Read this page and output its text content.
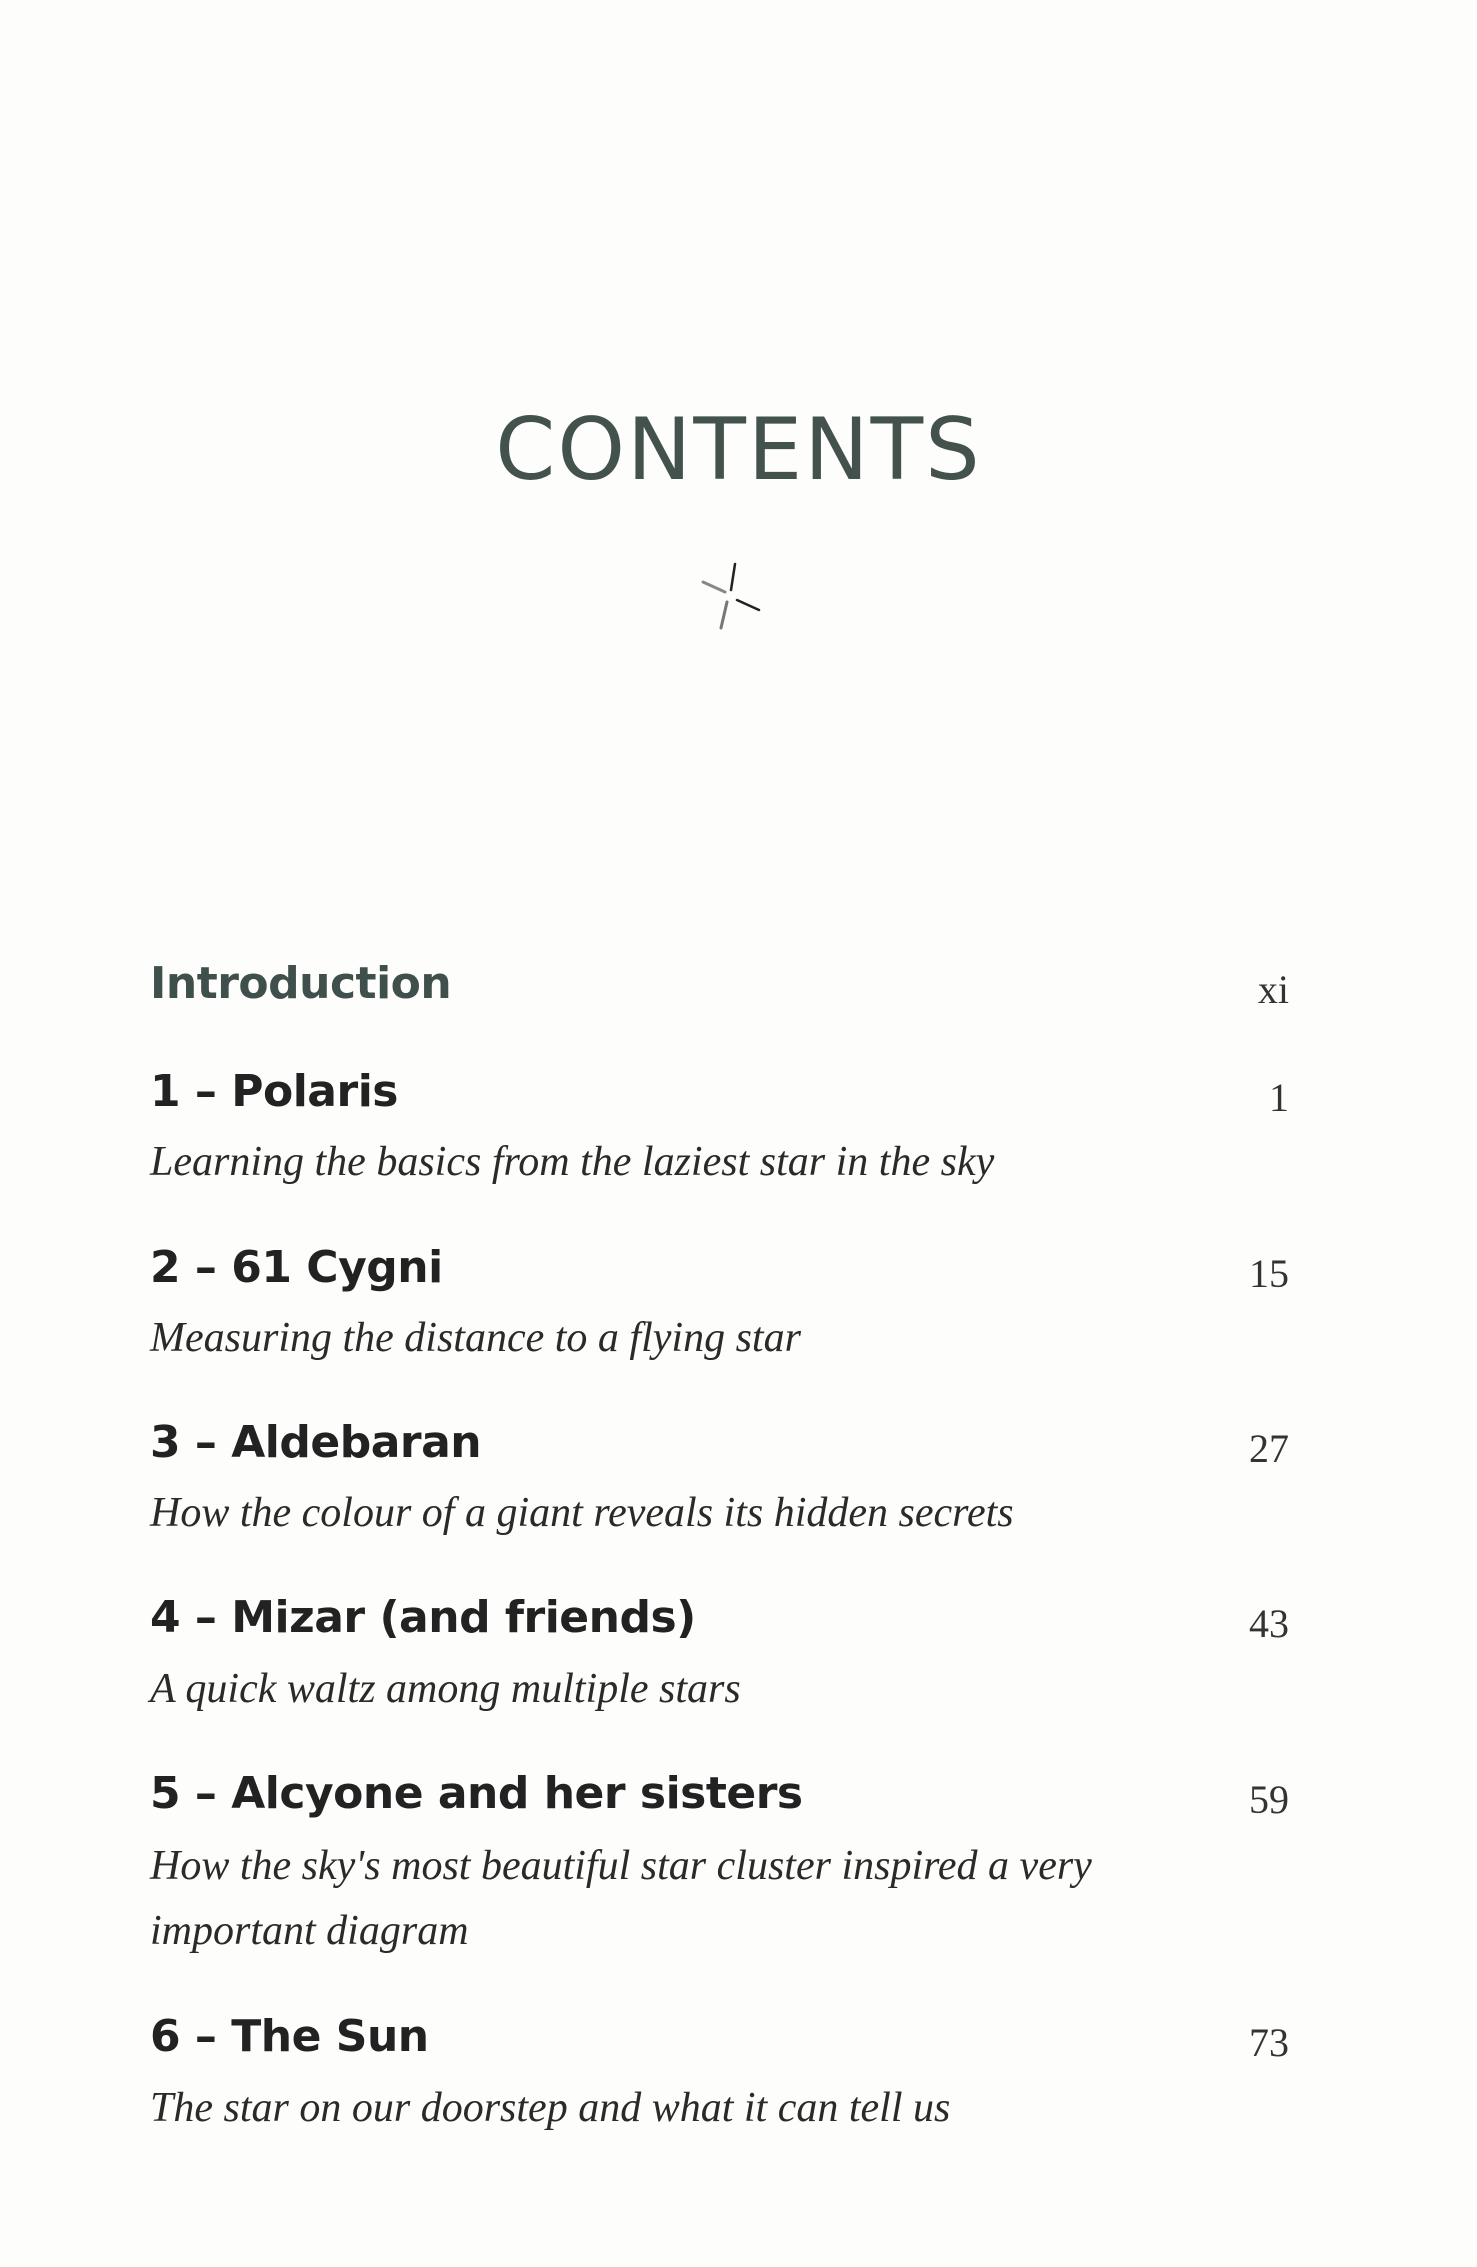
CONTENTS
Introduction	xi
1 – Polaris	1
Learning the basics from the laziest star in the sky
2 – 61 Cygni	15
Measuring the distance to a flying star
3 – Aldebaran	27
How the colour of a giant reveals its hidden secrets
4 – Mizar (and friends)	43
A quick waltz among multiple stars
5 – Alcyone and her sisters	59
How the sky's most beautiful star cluster inspired a very
important diagram
6 – The Sun	73
The star on our doorstep and what it can tell us
